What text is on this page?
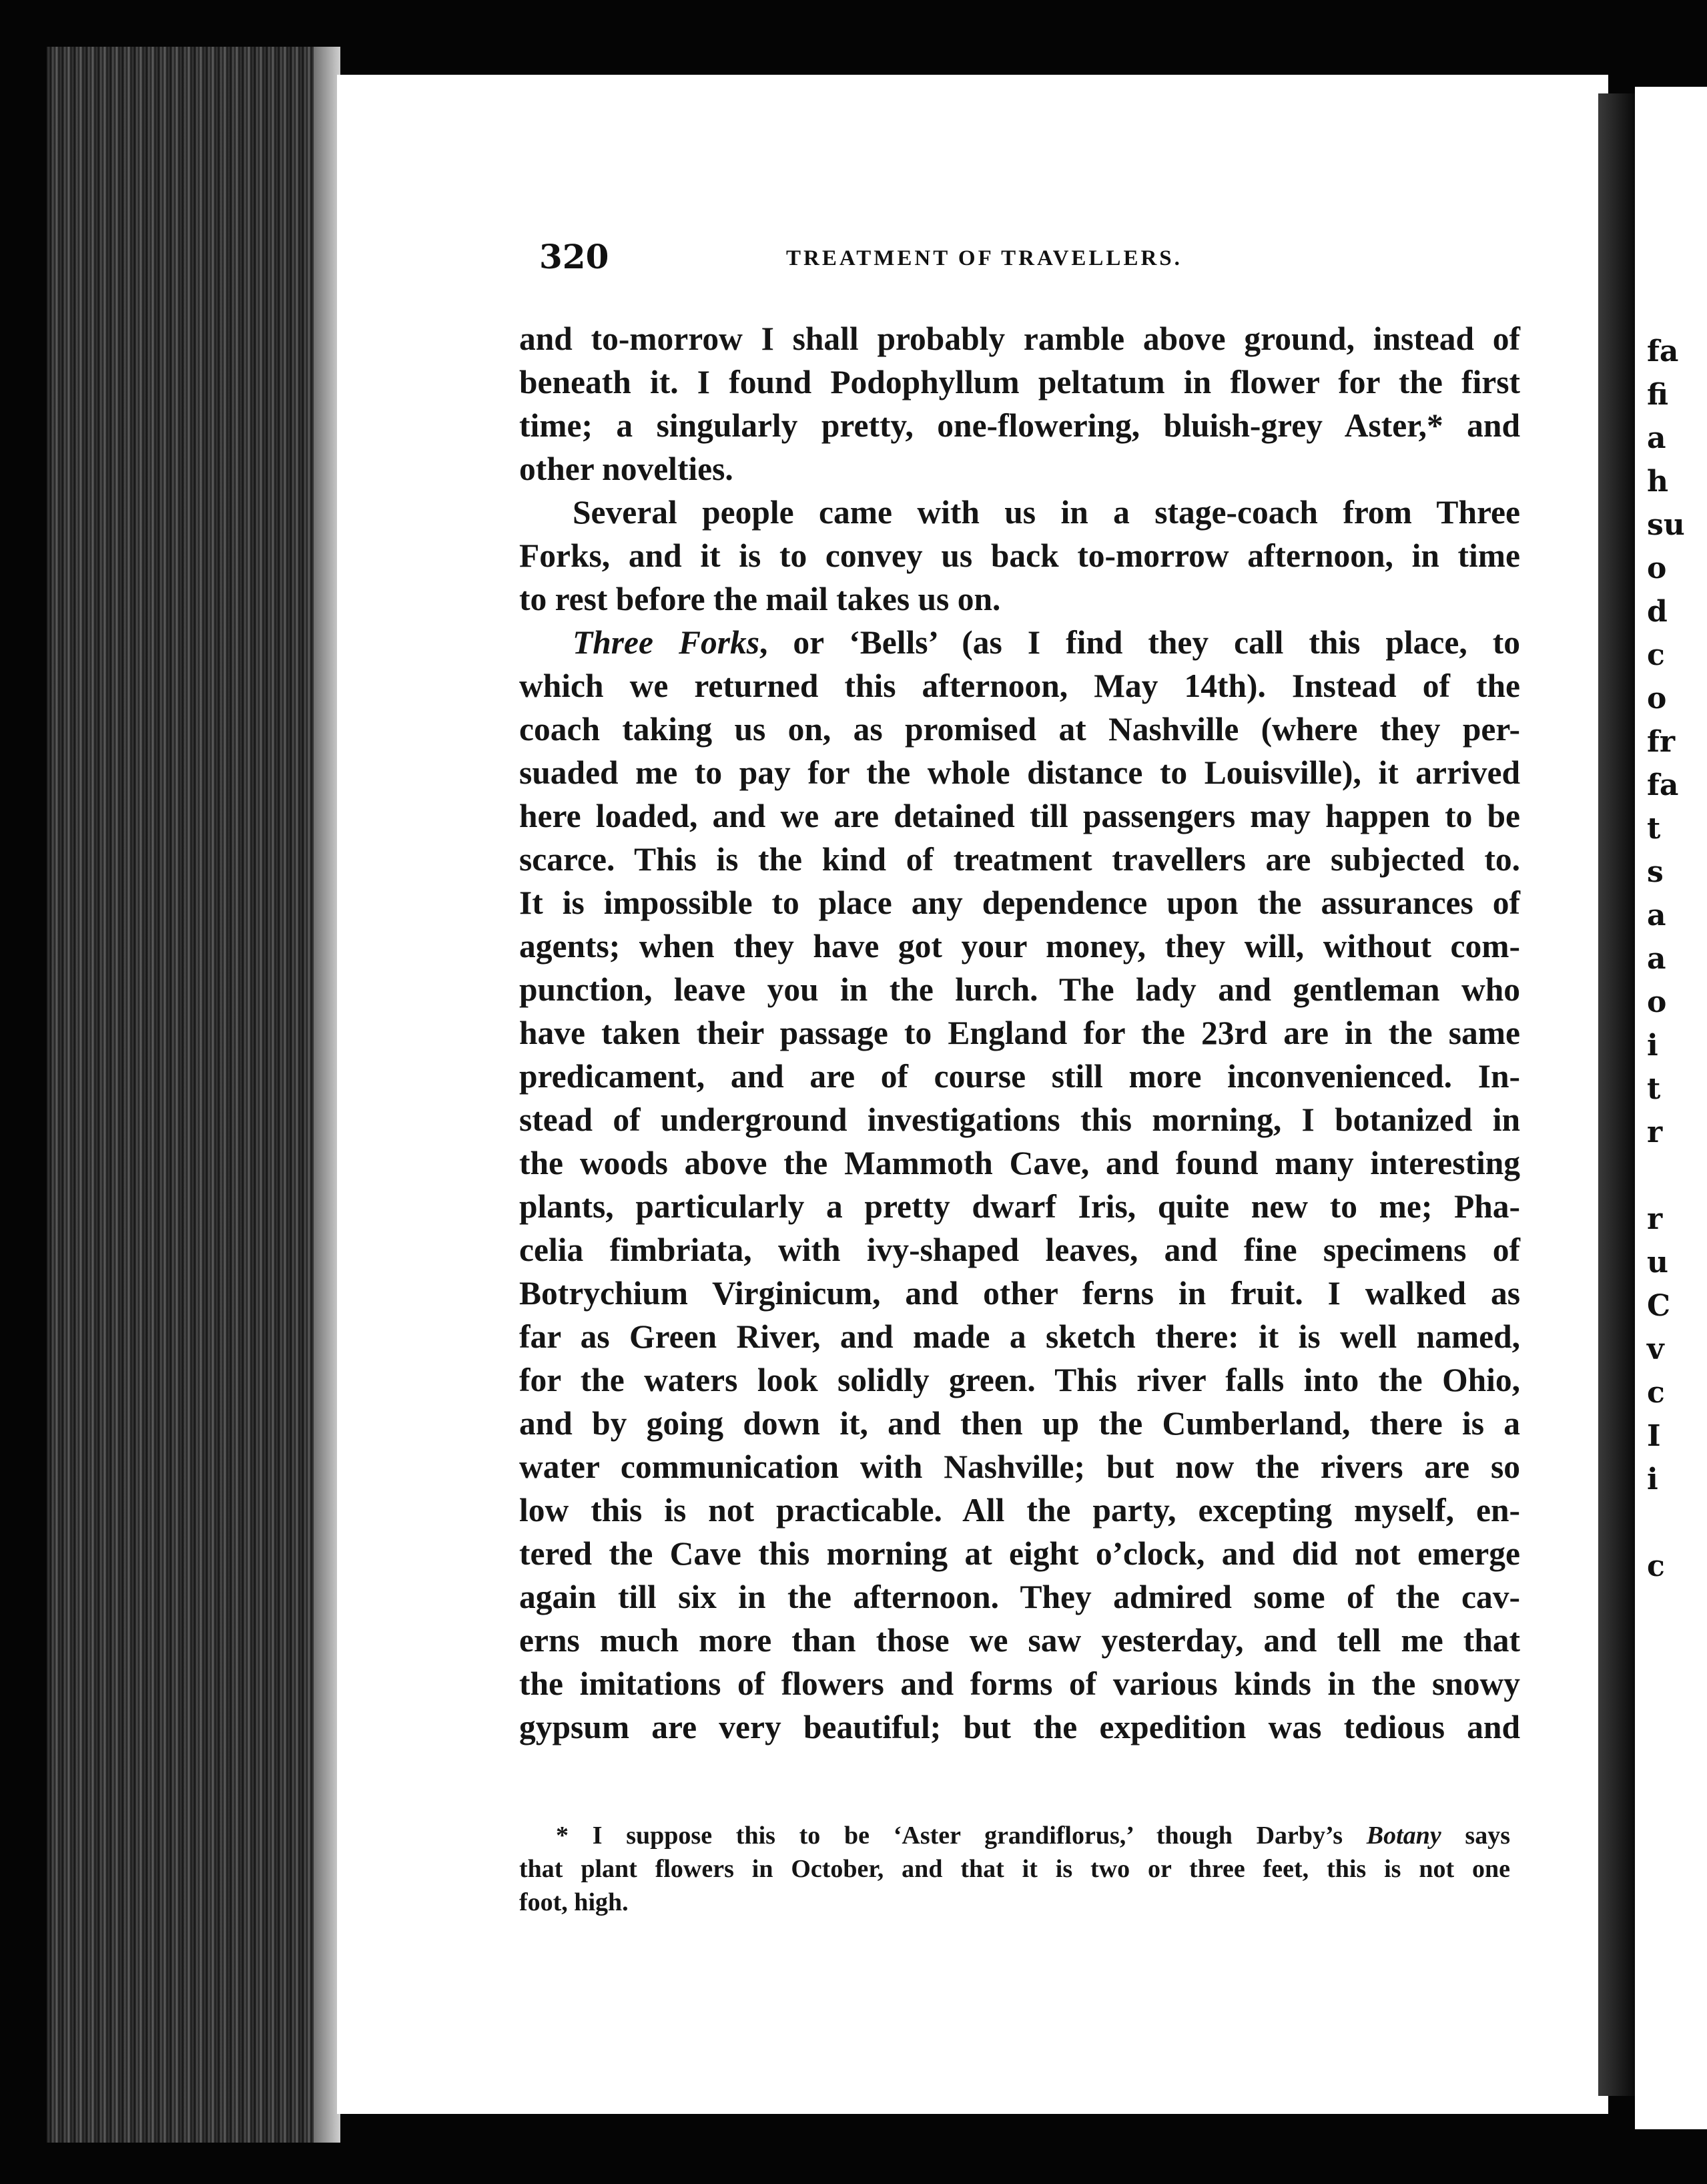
fa
fi
a
h
su
o
d
c
o
fr
fa
t
s
a
a
o
i
t
r
r
u
C
v
c
I
i
c
320	TREATMENT OF TRAVELLERS.
and to-morrow I shall probably ramble above ground, instead of
beneath it. I found Podophyllum peltatum in flower for the first
time; a singularly pretty, one-flowering, bluish-grey Aster,* and
other novelties.
Several people came with us in a stage-coach from Three
Forks, and it is to convey us back to-morrow afternoon, in time
to rest before the mail takes us on.
Three Forks, or ‘Bells’ (as I find they call this place, to
which we returned this afternoon, May 14th). Instead of the
coach taking us on, as promised at Nashville (where they per-
suaded me to pay for the whole distance to Louisville), it arrived
here loaded, and we are detained till passengers may happen to be
scarce. This is the kind of treatment travellers are subjected to.
It is impossible to place any dependence upon the assurances of
agents; when they have got your money, they will, without com-
punction, leave you in the lurch. The lady and gentleman who
have taken their passage to England for the 23rd are in the same
predicament, and are of course still more inconvenienced. In-
stead of underground investigations this morning, I botanized in
the woods above the Mammoth Cave, and found many interesting
plants, particularly a pretty dwarf Iris, quite new to me; Pha-
celia fimbriata, with ivy-shaped leaves, and fine specimens of
Botrychium Virginicum, and other ferns in fruit. I walked as
far as Green River, and made a sketch there: it is well named,
for the waters look solidly green. This river falls into the Ohio,
and by going down it, and then up the Cumberland, there is a
water communication with Nashville; but now the rivers are so
low this is not practicable. All the party, excepting myself, en-
tered the Cave this morning at eight o’clock, and did not emerge
again till six in the afternoon. They admired some of the cav-
erns much more than those we saw yesterday, and tell me that
the imitations of flowers and forms of various kinds in the snowy
gypsum are very beautiful; but the expedition was tedious and
* I suppose this to be ‘Aster grandiflorus,’ though Darby’s Botany says
that plant flowers in October, and that it is two or three feet, this is not one
foot, high.
